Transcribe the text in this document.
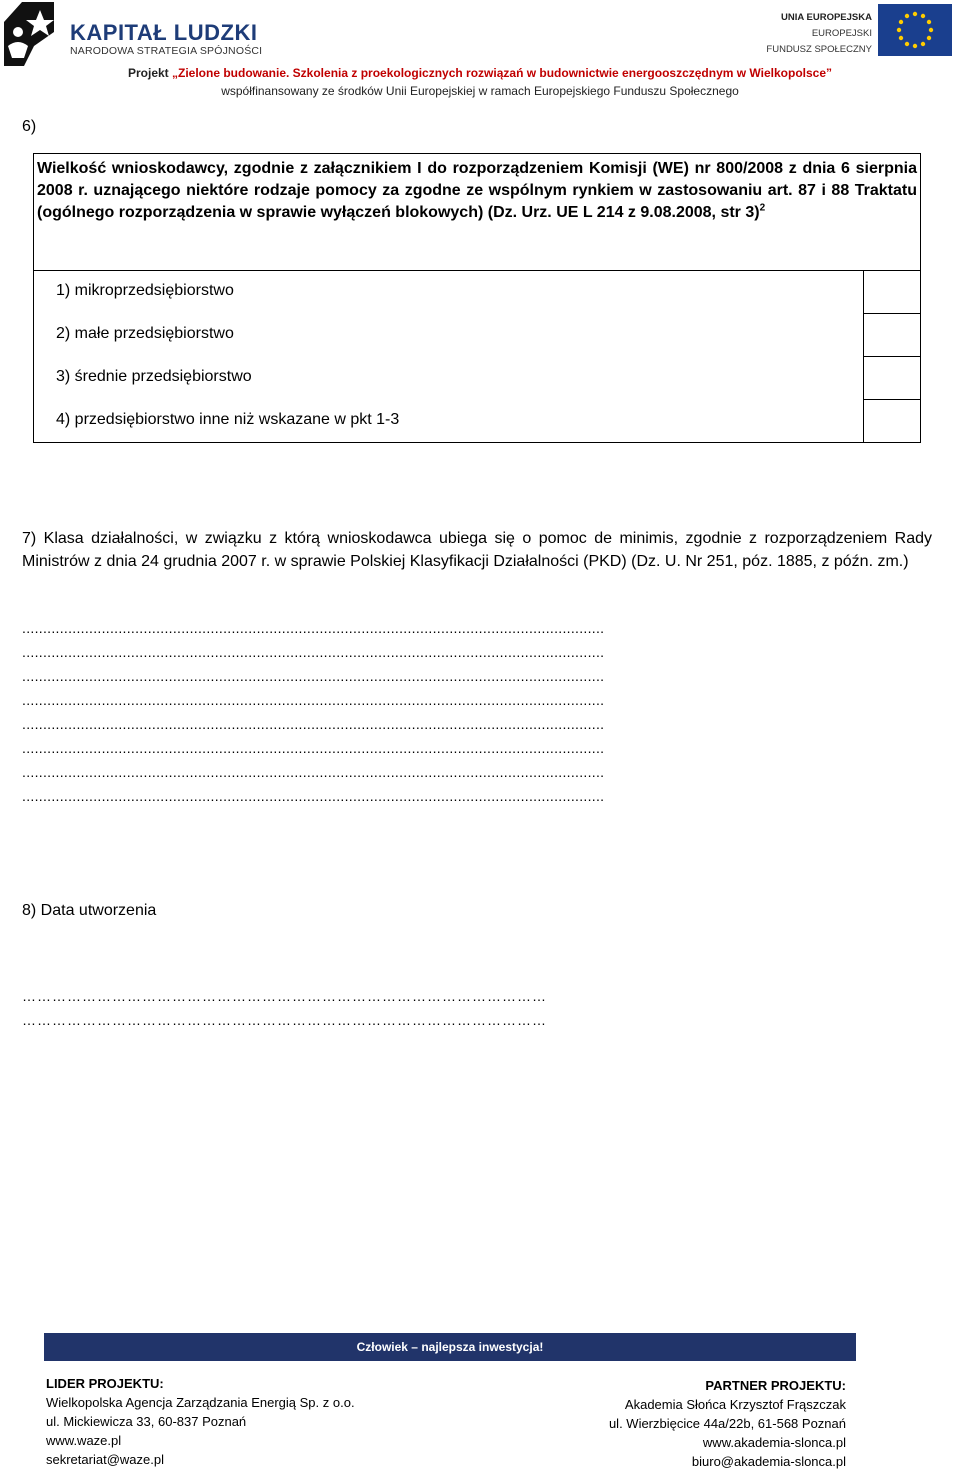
KAPITAŁ LUDZKI
NARODOWA STRATEGIA SPÓJNOŚCI
UNIA EUROPEJSKA
EUROPEJSKI
FUNDUSZ SPOŁECZNY
Projekt „Zielone budowanie. Szkolenia z proekologicznych rozwiązań w budownictwie energooszczędnym w Wielkopolsce”
współfinansowany ze środków Unii Europejskiej w ramach Europejskiego Funduszu Społecznego
6)
Wielkość wnioskodawcy, zgodnie z załącznikiem I do rozporządzeniem Komisji (WE) nr 800/2008 z dnia 6 sierpnia 2008 r. uznającego niektóre rodzaje pomocy za zgodne ze wspólnym rynkiem w zastosowaniu art. 87 i 88 Traktatu (ogólnego rozporządzenia w sprawie wyłączeń blokowych) (Dz. Urz. UE L 214 z 9.08.2008, str 3)$^2$
1) mikroprzedsiębiorstwo
2) małe przedsiębiorstwo
3) średnie przedsiębiorstwo
4) przedsiębiorstwo inne niż wskazane w pkt 1-3
7) Klasa działalności, w związku z którą wnioskodawca ubiega się o pomoc de minimis, zgodnie z rozporządzeniem Rady Ministrów z dnia 24 grudnia 2007 r. w sprawie Polskiej Klasyfikacji Działalności (PKD) (Dz. U. Nr 251, póz. 1885, z późn. zm.)
...........................................................................................................................................
...........................................................................................................................................
...........................................................................................................................................
...........................................................................................................................................
...........................................................................................................................................
...........................................................................................................................................
...........................................................................................................................................
...........................................................................................................................................
8) Data utworzenia
……………………………………………………………………………………………
……………………………………………………………………………………………
Człowiek – najlepsza inwestycja!
LIDER PROJEKTU:
Wielkopolska Agencja Zarządzania Energią Sp. z o.o.
ul. Mickiewicza 33, 60-837 Poznań
www.waze.pl
sekretariat@waze.pl
PARTNER PROJEKTU:
Akademia Słońca Krzysztof Frąszczak
ul. Wierzbięcice 44a/22b, 61-568 Poznań
www.akademia-slonca.pl
biuro@akademia-slonca.pl
